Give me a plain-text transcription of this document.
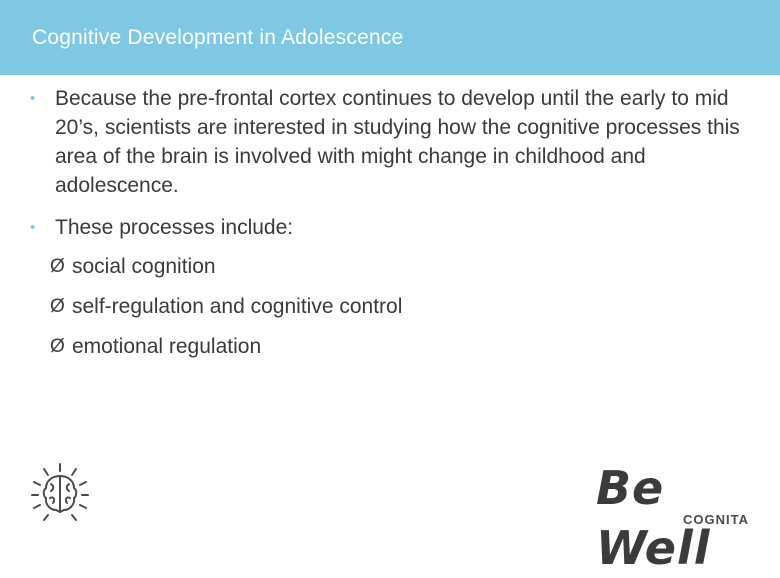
Cognitive Development in Adolescence

• Because the pre-frontal cortex continues to develop until the early to mid 20’s, scientists are interested in studying how the cognitive processes this area of the brain is involved with might change in childhood and adolescence.

• These processes include:

Ø social cognition
Ø self-regulation and cognitive control
Ø emotional regulation
Be Well
COGNITA
